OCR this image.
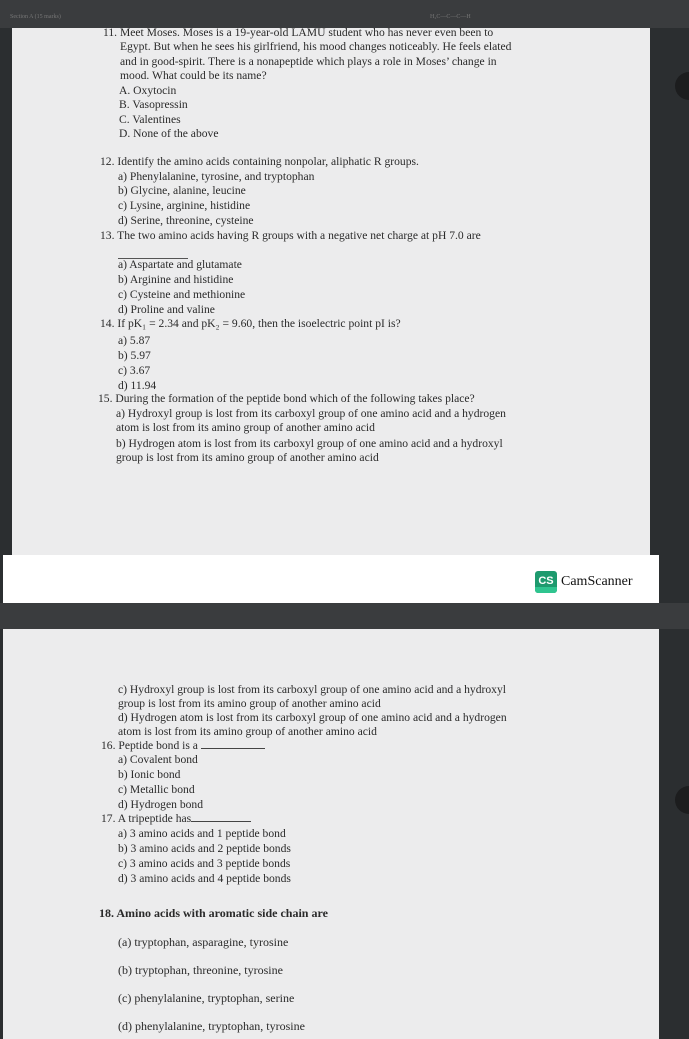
Section A (15 marks)	H₂C—C—C—H
11. Meet Moses. Moses is a 19-year-old LAMU student who has never even been to
Egypt. But when he sees his girlfriend, his mood changes noticeably. He feels elated
and in good-spirit. There is a nonapeptide which plays a role in Moses’ change in
mood. What could be its name?
A. Oxytocin
B. Vasopressin
C. Valentines
D. None of the above
12. Identify the amino acids containing nonpolar, aliphatic R groups.
a) Phenylalanine, tyrosine, and tryptophan
b) Glycine, alanine, leucine
c) Lysine, arginine, histidine
d) Serine, threonine, cysteine
13. The two amino acids having R groups with a negative net charge at pH 7.0 are
a) Aspartate and glutamate
b) Arginine and histidine
c) Cysteine and methionine
d) Proline and valine
14. If pK₁ = 2.34 and pK₂ = 9.60, then the isoelectric point pI is?
a) 5.87
b) 5.97
c) 3.67
d) 11.94
15. During the formation of the peptide bond which of the following takes place?
a) Hydroxyl group is lost from its carboxyl group of one amino acid and a hydrogen
atom is lost from its amino group of another amino acid
b) Hydrogen atom is lost from its carboxyl group of one amino acid and a hydroxyl
group is lost from its amino group of another amino acid
CS CamScanner
c) Hydroxyl group is lost from its carboxyl group of one amino acid and a hydroxyl
group is lost from its amino group of another amino acid
d) Hydrogen atom is lost from its carboxyl group of one amino acid and a hydrogen
atom is lost from its amino group of another amino acid
16. Peptide bond is a
a) Covalent bond
b) Ionic bond
c) Metallic bond
d) Hydrogen bond
17. A tripeptide has
a) 3 amino acids and 1 peptide bond
b) 3 amino acids and 2 peptide bonds
c) 3 amino acids and 3 peptide bonds
d) 3 amino acids and 4 peptide bonds
18. Amino acids with aromatic side chain are
(a) tryptophan, asparagine, tyrosine
(b) tryptophan, threonine, tyrosine
(c) phenylalanine, tryptophan, serine
(d) phenylalanine, tryptophan, tyrosine
